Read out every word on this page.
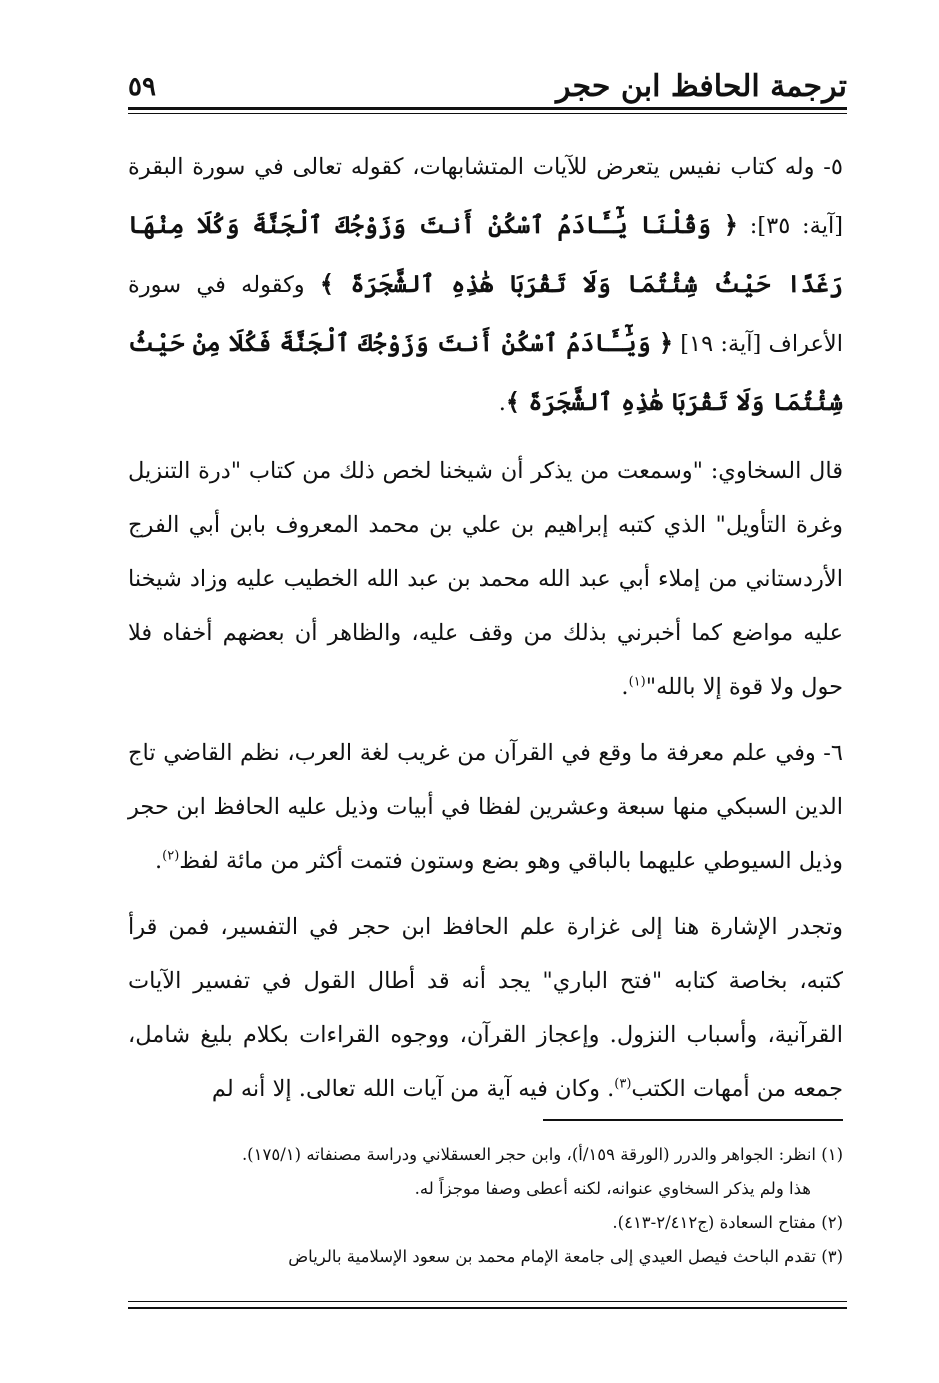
ترجمة الحافظ ابن حجر
٥٩

٥- وله كتاب نفيس يتعرض للآيات المتشابهات، كقوله تعالى في سورة البقرة [آية: ٣٥]: ﴿ وَقُلْنَا يَٰٓـَٔادَمُ ٱسْكُنْ أَنتَ وَزَوْجُكَ ٱلْجَنَّةَ وَكُلَا مِنْهَا رَغَدًا حَيْثُ شِئْتُمَا وَلَا تَقْرَبَا هَٰذِهِ ٱلشَّجَرَةَ ﴾ وكقوله في سورة الأعراف [آية: ١٩] ﴿ وَيَٰٓـَٔادَمُ ٱسْكُنْ أَنتَ وَزَوْجُكَ ٱلْجَنَّةَ فَكُلَا مِنْ حَيْثُ شِئْتُمَا وَلَا تَقْرَبَا هَٰذِهِ ٱلشَّجَرَةَ ﴾.

قال السخاوي: "وسمعت من يذكر أن شيخنا لخص ذلك من كتاب "درة التنزيل وغرة التأويل" الذي كتبه إبراهيم بن علي بن محمد المعروف بابن أبي الفرج الأردستاني من إملاء أبي عبد الله محمد بن عبد الله الخطيب عليه وزاد شيخنا عليه مواضع كما أخبرني بذلك من وقف عليه، والظاهر أن بعضهم أخفاه فلا حول ولا قوة إلا بالله"$^{(١)}$.

٦- وفي علم معرفة ما وقع في القرآن من غريب لغة العرب، نظم القاضي تاج الدين السبكي منها سبعة وعشرين لفظا في أبيات وذيل عليه الحافظ ابن حجر وذيل السيوطي عليهما بالباقي وهو بضع وستون فتمت أكثر من مائة لفظ$^{(٢)}$.

وتجدر الإشارة هنا إلى غزارة علم الحافظ ابن حجر في التفسير، فمن قرأ كتبه، بخاصة كتابه "فتح الباري" يجد أنه قد أطال القول في تفسير الآيات القرآنية، وأسباب النزول. وإعجاز القرآن، ووجوه القراءات بكلام بليغ شامل، جمعه من أمهات الكتب$^{(٣)}$. وكان فيه آية من آيات الله تعالى. إلا أنه لم

(١) انظر: الجواهر والدرر (الورقة ١٥٩/أ)، وابن حجر العسقلاني ودراسة مصنفاته (١٧٥/١).

هذا ولم يذكر السخاوي عنوانه، لكنه أعطى وصفا موجزاً له.

(٢) مفتاح السعادة (ج٢/٤١٢-٤١٣).

(٣) تقدم الباحث فيصل العيدي إلى جامعة الإمام محمد بن سعود الإسلامية بالرياض
